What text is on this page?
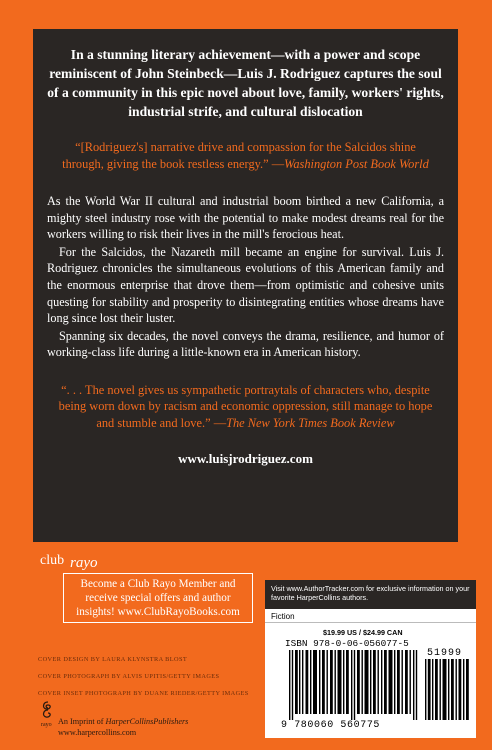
In a stunning literary achievement—with a power and scope reminiscent of John Steinbeck—Luis J. Rodriguez captures the soul of a community in this epic novel about love, family, workers' rights, industrial strife, and cultural dislocation

“[Rodriguez's] narrative drive and compassion for the Salcidos shine through, giving the book restless energy.” —Washington Post Book World

As the World War II cultural and industrial boom birthed a new California, a mighty steel industry rose with the potential to make modest dreams real for the workers willing to risk their lives in the mill's ferocious heat.

For the Salcidos, the Nazareth mill became an engine for survival. Luis J. Rodriguez chronicles the simultaneous evolutions of this American family and the enormous enterprise that drove them—from optimistic and cohesive units questing for stability and prosperity to disintegrating entities whose dreams have long since lost their luster.

Spanning six decades, the novel conveys the drama, resilience, and humor of working-class life during a little-known era in American history.

“. . . The novel gives us sympathetic portraytals of characters who, despite being worn down by racism and economic oppression, still manage to hope and stumble and love.” —The New York Times Book Review

www.luisjrodriguez.com
club rayo
Become a Club Rayo Member and receive special offers and author insights! www.ClubRayoBooks.com
COVER DESIGN BY LAURA KLYNSTRA BLOST
COVER PHOTOGRAPH BY ALVIS UPITIS/GETTY IMAGES
COVER INSET PHOTOGRAPH BY DUANE RIEDER/GETTY IMAGES
rayo An Imprint of HarperCollinsPublishers
www.harpercollins.com
Visit www.AuthorTracker.com for exclusive information on your favorite HarperCollins authors.
Fiction
$19.99 US / $24.99 CAN
ISBN 978-0-06-056077-5
51999
9 780060 560775
